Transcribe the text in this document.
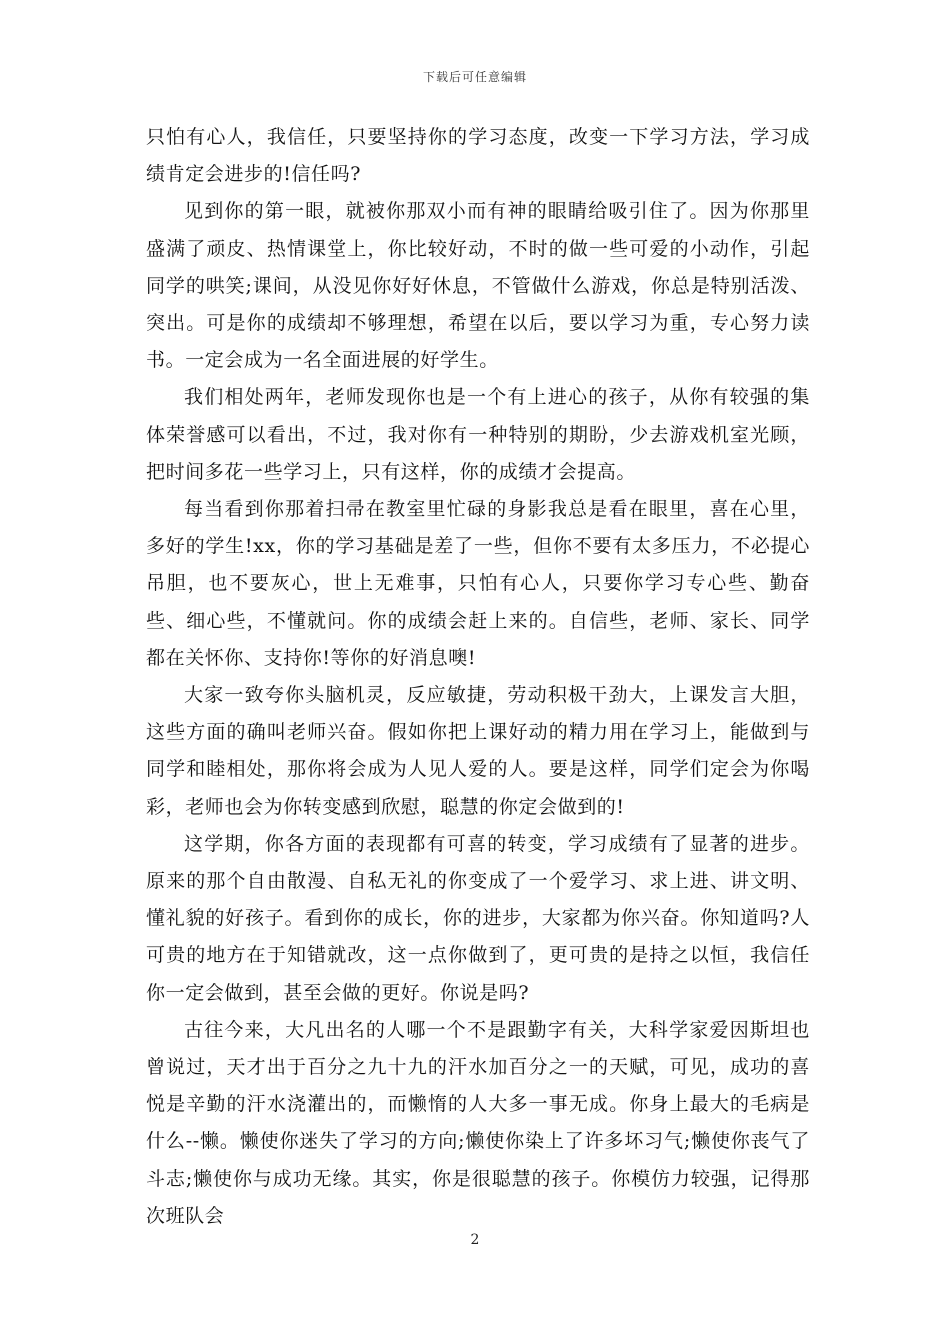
下载后可任意编辑

只怕有心人，我信任，只要坚持你的学习态度，改变一下学习方法，学习成绩肯定会进步的!信任吗?

见到你的第一眼，就被你那双小而有神的眼睛给吸引住了。因为你那里盛满了顽皮、热情课堂上，你比较好动，不时的做一些可爱的小动作，引起同学的哄笑;课间，从没见你好好休息，不管做什么游戏，你总是特别活泼、突出。可是你的成绩却不够理想，希望在以后，要以学习为重，专心努力读书。一定会成为一名全面进展的好学生。

我们相处两年，老师发现你也是一个有上进心的孩子，从你有较强的集体荣誉感可以看出，不过，我对你有一种特别的期盼，少去游戏机室光顾，把时间多花一些学习上，只有这样，你的成绩才会提高。

每当看到你那着扫帚在教室里忙碌的身影我总是看在眼里，喜在心里，多好的学生!xx，你的学习基础是差了一些，但你不要有太多压力，不必提心吊胆，也不要灰心，世上无难事，只怕有心人，只要你学习专心些、勤奋些、细心些，不懂就问。你的成绩会赶上来的。自信些，老师、家长、同学都在关怀你、支持你!等你的好消息噢!

大家一致夸你头脑机灵，反应敏捷，劳动积极干劲大，上课发言大胆，这些方面的确叫老师兴奋。假如你把上课好动的精力用在学习上，能做到与同学和睦相处，那你将会成为人见人爱的人。要是这样，同学们定会为你喝彩，老师也会为你转变感到欣慰，聪慧的你定会做到的!

这学期，你各方面的表现都有可喜的转变，学习成绩有了显著的进步。原来的那个自由散漫、自私无礼的你变成了一个爱学习、求上进、讲文明、懂礼貌的好孩子。看到你的成长，你的进步，大家都为你兴奋。你知道吗?人可贵的地方在于知错就改，这一点你做到了，更可贵的是持之以恒，我信任你一定会做到，甚至会做的更好。你说是吗?

古往今来，大凡出名的人哪一个不是跟勤字有关，大科学家爱因斯坦也曾说过，天才出于百分之九十九的汗水加百分之一的天赋，可见，成功的喜悦是辛勤的汗水浇灌出的，而懒惰的人大多一事无成。你身上最大的毛病是什么--懒。懒使你迷失了学习的方向;懒使你染上了许多坏习气;懒使你丧气了斗志;懒使你与成功无缘。其实，你是很聪慧的孩子。你模仿力较强，记得那次班队会

2
